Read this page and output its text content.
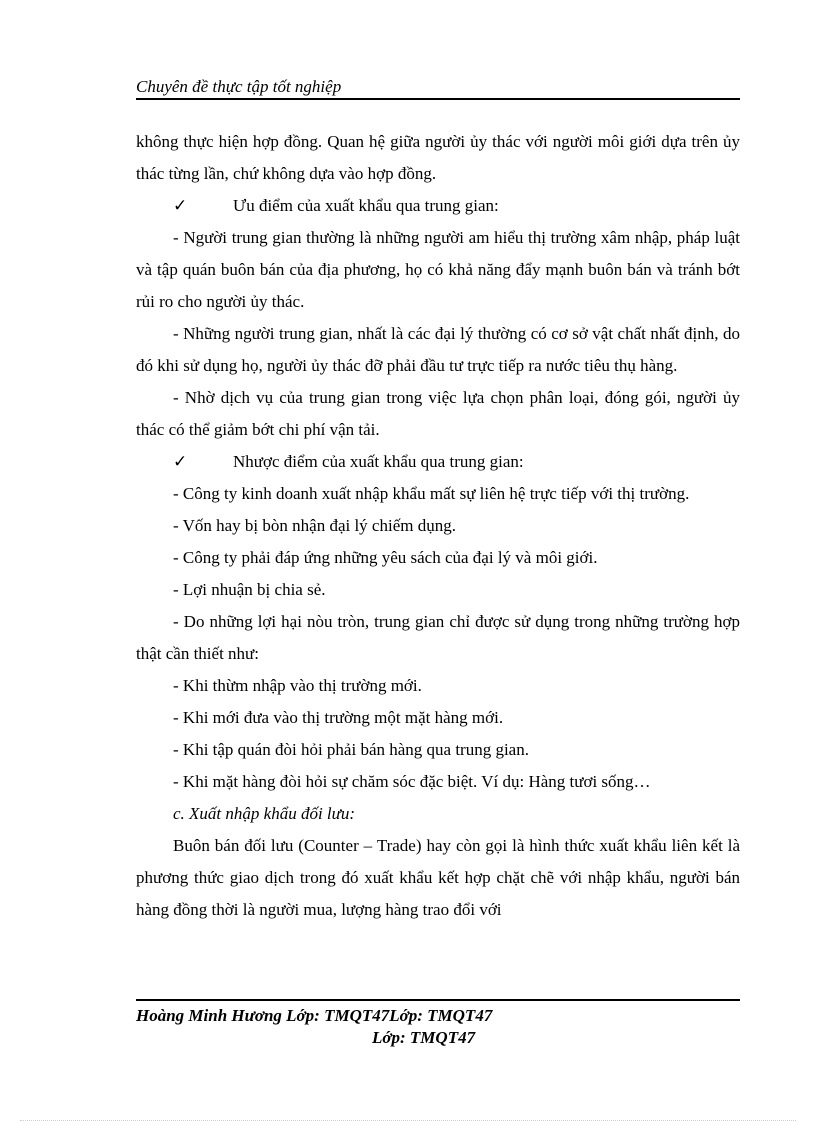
Chuyên đề thực tập tốt nghiệp

không thực hiện hợp đồng. Quan hệ giữa người ủy thác với người môi giới dựa trên ủy thác từng lần, chứ không dựa vào hợp đồng.

✓	Ưu điểm của xuất khẩu qua trung gian:

- Người trung gian thường là những người am hiểu thị trường xâm nhập, pháp luật và tập quán buôn bán của địa phương, họ có khả năng đẩy mạnh buôn bán và tránh bớt rủi ro cho người ủy thác.

- Những người trung gian, nhất là các đại lý thường có cơ sở vật chất nhất định, do đó khi sử dụng họ, người ủy thác đỡ phải đầu tư trực tiếp ra nước tiêu thụ hàng.

- Nhờ dịch vụ của trung gian trong việc lựa chọn phân loại, đóng gói, người ủy thác có thể giảm bớt chi phí vận tải.

✓	Nhược điểm của xuất khẩu qua trung gian:

- Công ty kinh doanh xuất nhập khẩu mất sự liên hệ trực tiếp với thị trường.

- Vốn hay bị bòn nhận đại lý chiếm dụng.

- Công ty phải đáp ứng những yêu sách của đại lý và môi giới.

- Lợi nhuận bị chia sẻ.

- Do những lợi hại nòu tròn, trung gian chỉ được sử dụng trong những trường hợp thật cần thiết như:

- Khi thừm nhập vào thị trường mới.

- Khi mới đưa vào thị trường một mặt hàng mới.

- Khi tập quán đòi hỏi phải bán hàng qua trung gian.

- Khi mặt hàng đòi hỏi sự chăm sóc đặc biệt. Ví dụ: Hàng tươi sống…

c. Xuất nhập khẩu đối lưu:

Buôn bán đối lưu (Counter – Trade) hay còn gọi là hình thức xuất khẩu liên kết là phương thức giao dịch trong đó xuất khẩu kết hợp chặt chẽ với nhập khẩu, người bán hàng đồng thời là người mua, lượng hàng trao đổi với

Hoàng Minh Hương Lớp: TMQT47Lớp: TMQT47
Lớp: TMQT47
